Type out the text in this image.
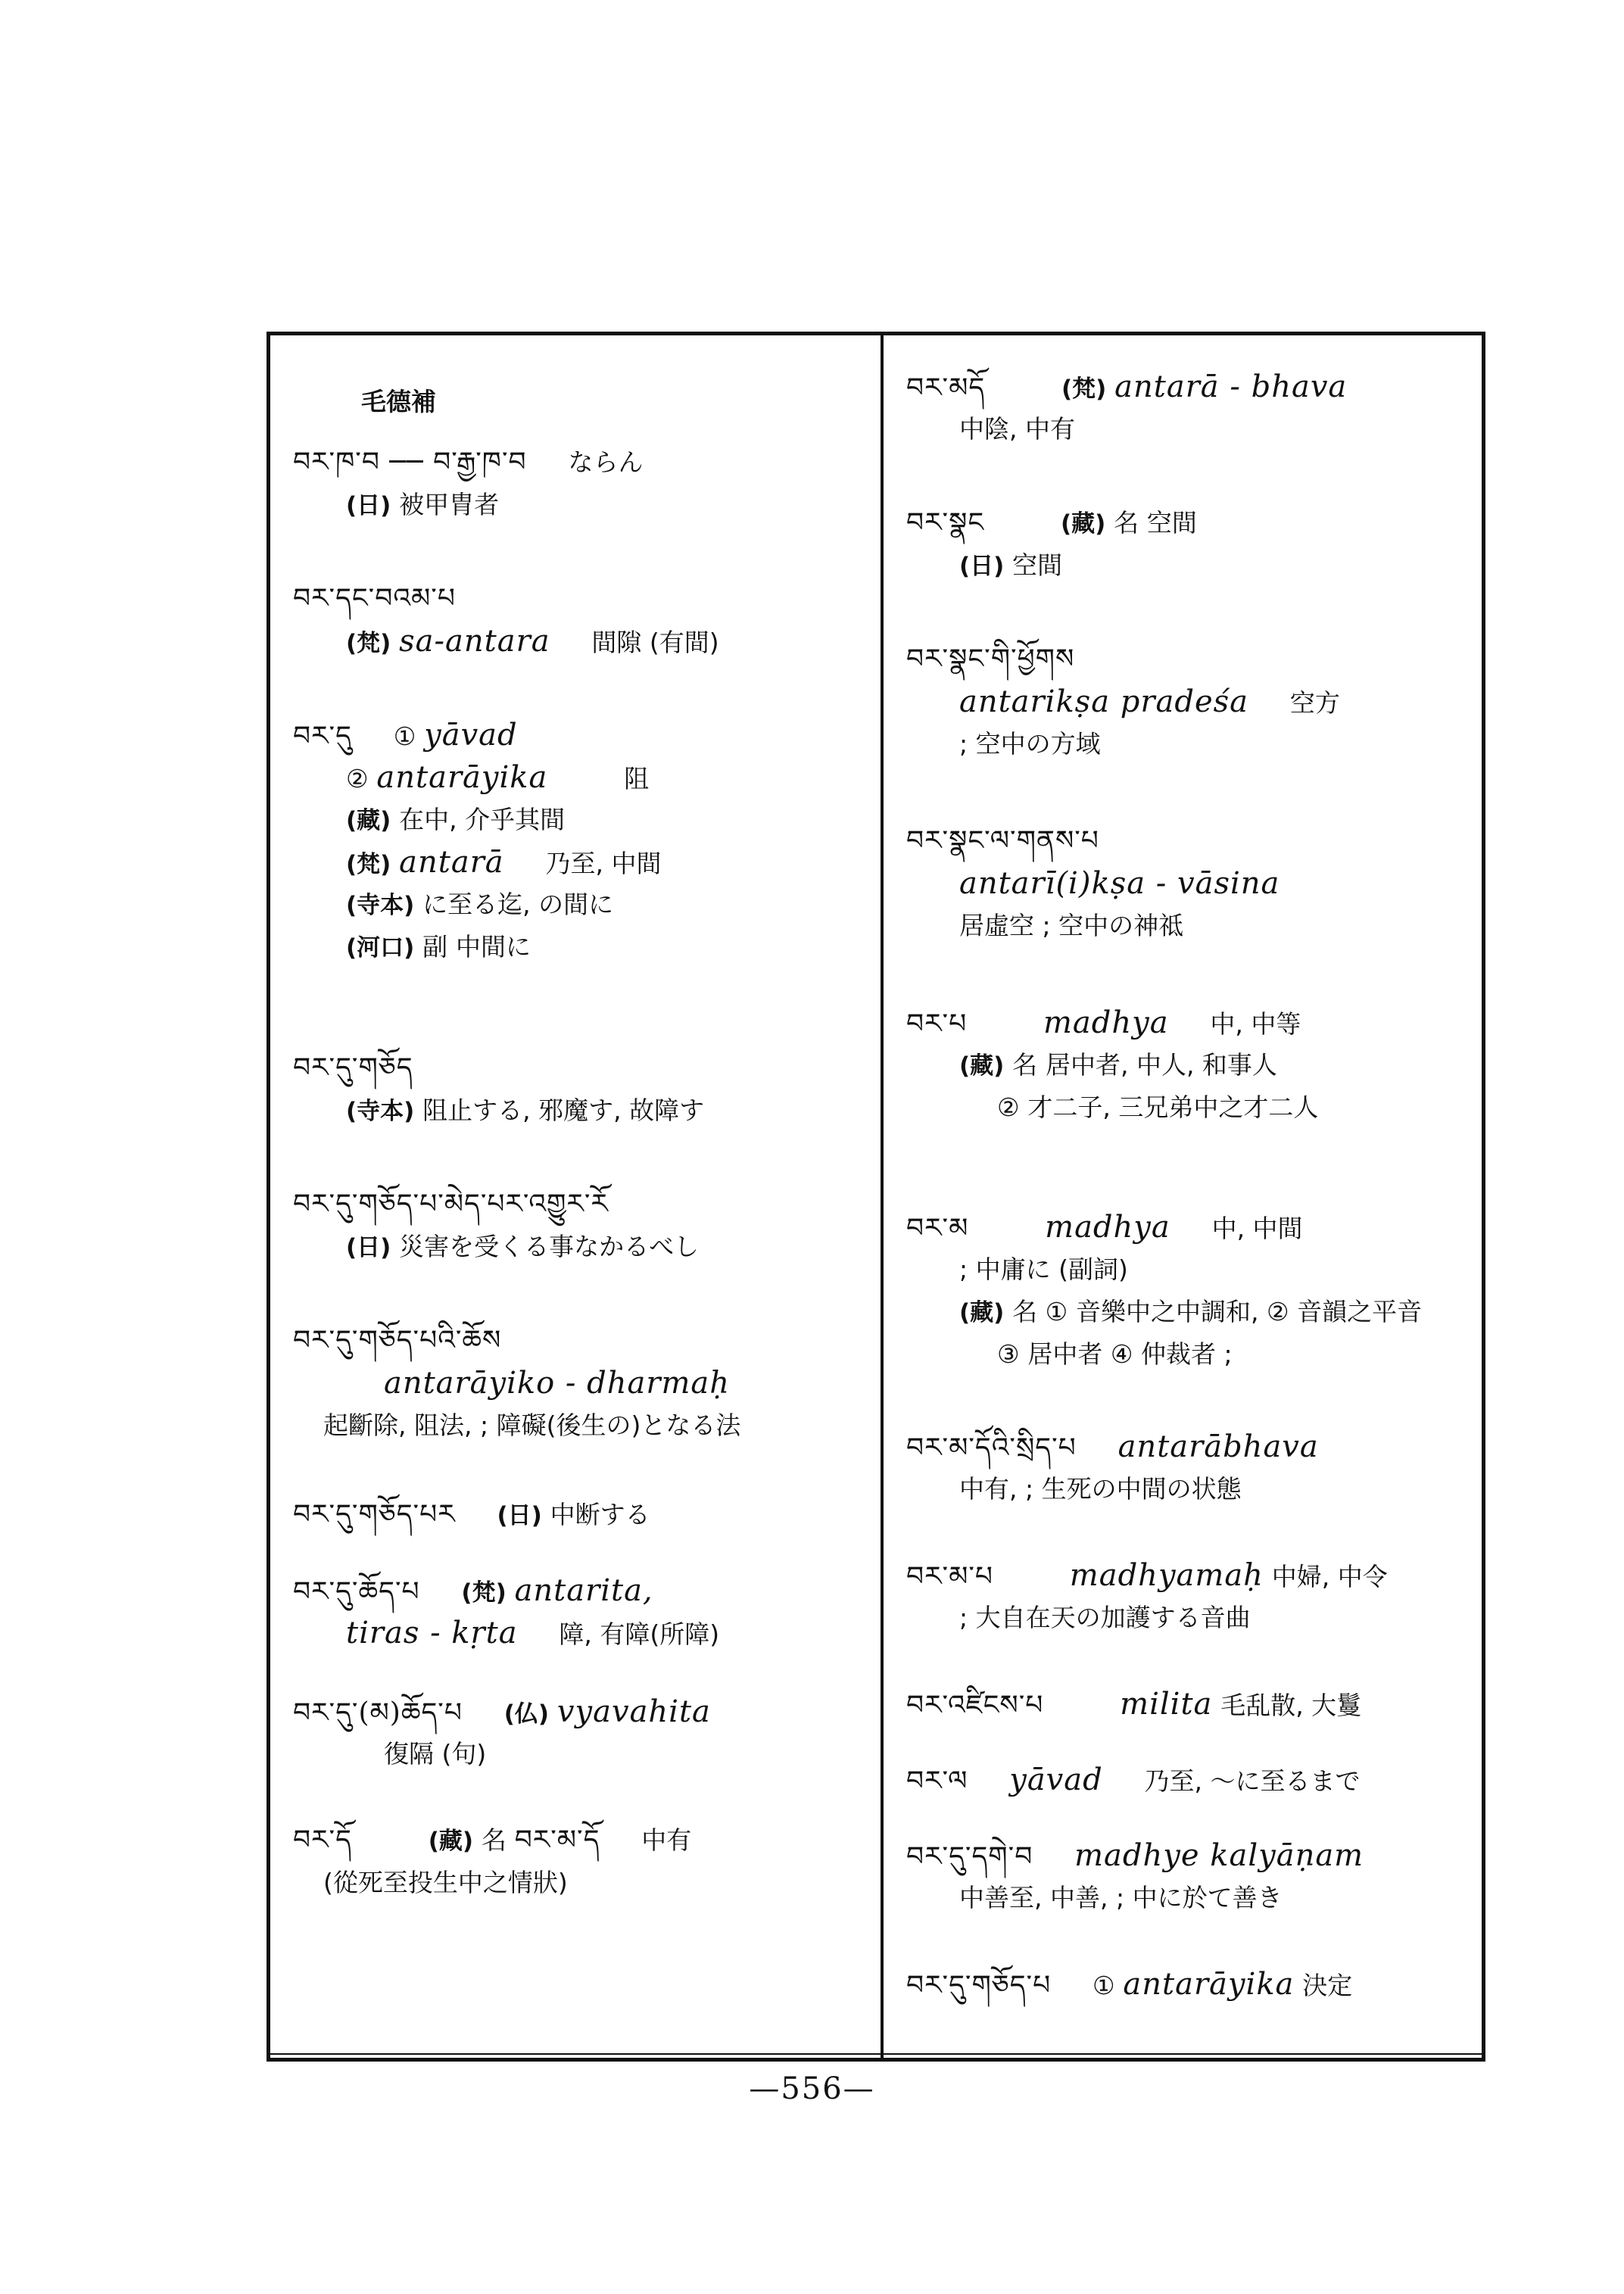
毛德補
བར་ཁ་བ ── བ་རྒྱ་ཁ་བ ならん
(日) 被甲胄者
བར་དང་བའམ་པ
(梵) sa-antara 間隙 (有間)
བར་དུ ① yāvad
② antarāyika	阻
(藏) 在中, 介乎其間
(梵) antarā 乃至, 中間
(寺本) に至る迄, の間に
(河口) 副 中間に
བར་དུ་གཅོད
(寺本) 阻止する, 邪魔す, 故障す
བར་དུ་གཅོད་པ་མེད་པར་འགྱུར་རོ
(日) 災害を受くる事なかるべし
བར་དུ་གཅོད་པའི་ཆོས
antarāyiko - dharmaḥ
起斷除, 阻法, ; 障礙(後生の)となる法
བར་དུ་གཅོད་པར (日) 中断する
བར་དུ་ཆོད་པ (梵) antarita,
tiras - kṛta 障, 有障(所障)
བར་དུ་(མ)ཆོད་པ (仏) vyavahita
復隔 (句)
བར་དོ	(藏) 名 བར་མ་དོ 中有
(從死至投生中之情狀)
བར་མདོ	(梵) antarā - bhava
中陰, 中有
བར་སྣང	(藏) 名 空間
(日) 空間
བར་སྣང་གི་ཕྱོགས
antarikṣa pradeśa 空方
; 空中の方域
བར་སྣང་ལ་གནས་པ
antarī(i)kṣa - vāsina
居虛空 ; 空中の神祗
བར་པ	madhya 中, 中等
(藏) 名 居中者, 中人, 和事人
② 才二子, 三兄弟中之才二人
བར་མ	madhya 中, 中間
; 中庸に (副詞)
(藏) 名 ① 音樂中之中調和, ② 音韻之平音
③ 居中者 ④ 仲裁者 ;
བར་མ་དོའི་སྲིད་པ antarābhava
中有, ; 生死の中間の状態
བར་མ་པ	madhyamaḥ 中婦, 中令
; 大自在天の加護する音曲
བར་འཛིངས་པ	milita 毛乱散, 大鬘
བར་ལ yāvad 乃至, ～に至るまで
བར་དུ་དགེ་བ madhye kalyāṇam
中善至, 中善, ; 中に於て善き
བར་དུ་གཅོད་པ ① antarāyika 決定
—556—
